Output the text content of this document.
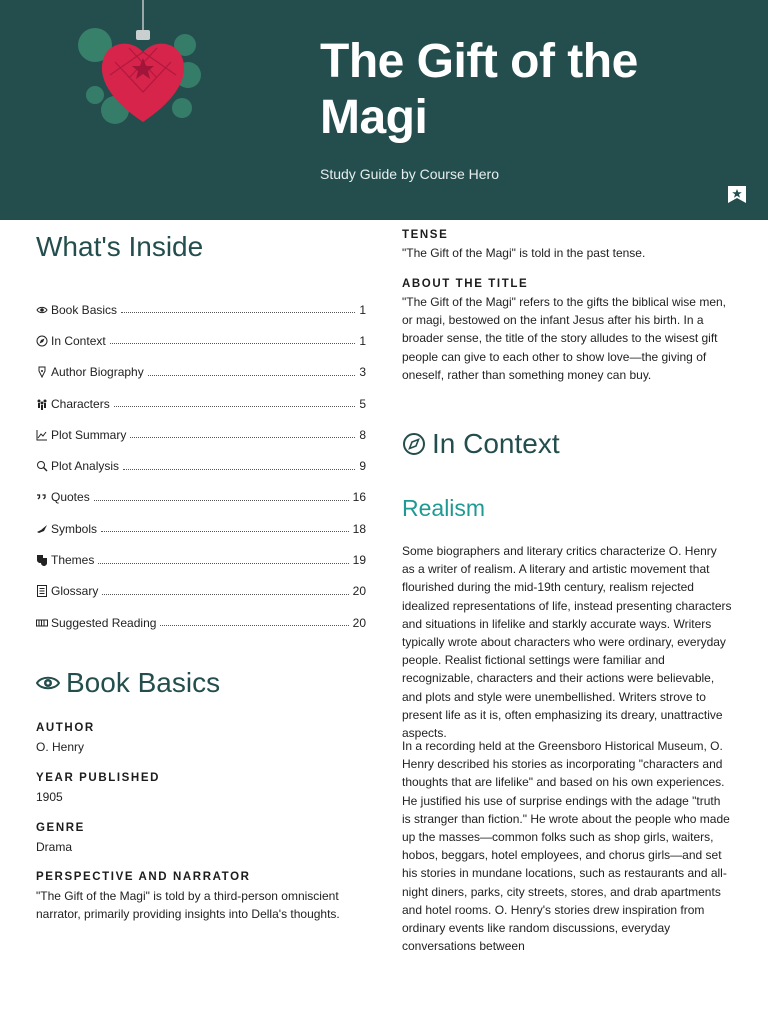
The Gift of the Magi
Study Guide by Course Hero
What's Inside
Book Basics	1
In Context	1
Author Biography	3
Characters	5
Plot Summary	8
Plot Analysis	9
Quotes	16
Symbols	18
Themes	19
Glossary	20
Suggested Reading	20
Book Basics
AUTHOR
O. Henry
YEAR PUBLISHED
1905
GENRE
Drama
PERSPECTIVE AND NARRATOR
"The Gift of the Magi" is told by a third-person omniscient narrator, primarily providing insights into Della's thoughts.
TENSE
"The Gift of the Magi" is told in the past tense.
ABOUT THE TITLE
"The Gift of the Magi" refers to the gifts the biblical wise men, or magi, bestowed on the infant Jesus after his birth. In a broader sense, the title of the story alludes to the wisest gift people can give to each other to show love—the giving of oneself, rather than something money can buy.
In Context
Realism
Some biographers and literary critics characterize O. Henry as a writer of realism. A literary and artistic movement that flourished during the mid-19th century, realism rejected idealized representations of life, instead presenting characters and situations in lifelike and starkly accurate ways. Writers typically wrote about characters who were ordinary, everyday people. Realist fictional settings were familiar and recognizable, characters and their actions were believable, and plots and style were unembellished. Writers strove to present life as it is, often emphasizing its dreary, unattractive aspects.
In a recording held at the Greensboro Historical Museum, O. Henry described his stories as incorporating "characters and thoughts that are lifelike" and based on his own experiences. He justified his use of surprise endings with the adage "truth is stranger than fiction." He wrote about the people who made up the masses—common folks such as shop girls, waiters, hobos, beggars, hotel employees, and chorus girls—and set his stories in mundane locations, such as restaurants and all-night diners, parks, city streets, stores, and drab apartments and hotel rooms. O. Henry's stories drew inspiration from ordinary events like random discussions, everyday conversations between
